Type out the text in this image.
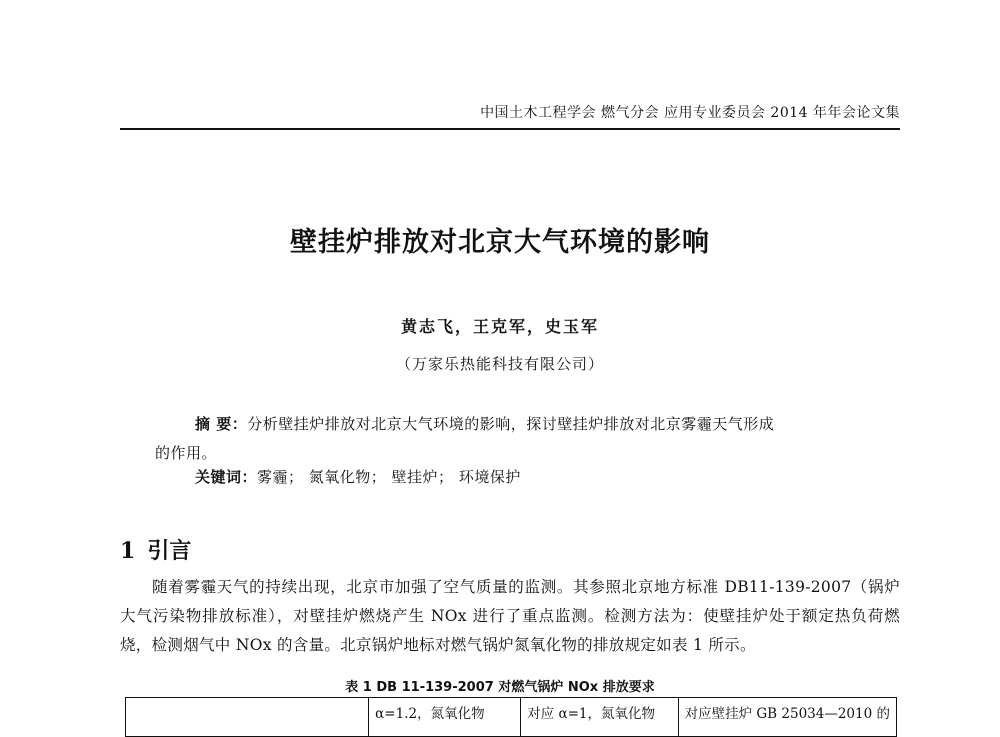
中国土木工程学会 燃气分会 应用专业委员会 2014 年年会论文集
壁挂炉排放对北京大气环境的影响
黄志飞，王克军，史玉军
（万家乐热能科技有限公司）
摘 要：分析壁挂炉排放对北京大气环境的影响，探讨壁挂炉排放对北京雾霾天气形成
的作用。
关键词：雾霾； 氮氧化物； 壁挂炉； 环境保护
1 引言

随着雾霾天气的持续出现，北京市加强了空气质量的监测。其参照北京地方标准 DB11-139-2007（锅炉大气污染物排放标准），对壁挂炉燃烧产生 NOx 进行了重点监测。检测方法为：使壁挂炉处于额定热负荷燃烧，检测烟气中 NOx 的含量。北京锅炉地标对燃气锅炉氮氧化物的排放规定如表 1 所示。

表 1 DB 11-139-2007 对燃气锅炉 NOx 排放要求
	α=1.2，氮氧化物	对应 α=1，氮氧化物	对应壁挂炉 GB 25034—2010 的
